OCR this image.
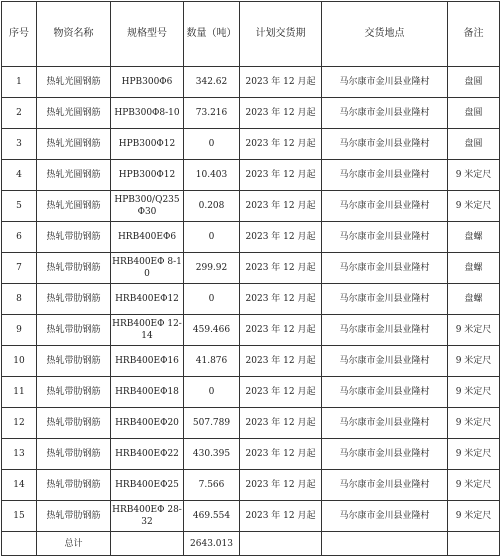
序号	物资名称	规格型号	数量（吨）	计划交货期	交货地点	备注
1	热轧光圆钢筋	HPB300Φ6	342.62	2023 年 12 月起	马尔康市金川县业隆村	盘圆
2	热轧光圆钢筋	HPB300Φ8-10	73.216	2023 年 12 月起	马尔康市金川县业隆村	盘圆
3	热轧光圆钢筋	HPB300Φ12	0	2023 年 12 月起	马尔康市金川县业隆村	盘圆
4	热轧光圆钢筋	HPB300Φ12	10.403	2023 年 12 月起	马尔康市金川县业隆村	9 米定尺
5	热轧光圆钢筋	HPB300/Q235 Φ30	0.208	2023 年 12 月起	马尔康市金川县业隆村	9 米定尺
6	热轧带肋钢筋	HRB400EΦ6	0	2023 年 12 月起	马尔康市金川县业隆村	盘螺
7	热轧带肋钢筋	HRB400EΦ 8-10	299.92	2023 年 12 月起	马尔康市金川县业隆村	盘螺
8	热轧带肋钢筋	HRB400EΦ12	0	2023 年 12 月起	马尔康市金川县业隆村	盘螺
9	热轧带肋钢筋	HRB400EΦ 12-14	459.466	2023 年 12 月起	马尔康市金川县业隆村	9 米定尺
10	热轧带肋钢筋	HRB400EΦ16	41.876	2023 年 12 月起	马尔康市金川县业隆村	9 米定尺
11	热轧带肋钢筋	HRB400EΦ18	0	2023 年 12 月起	马尔康市金川县业隆村	9 米定尺
12	热轧带肋钢筋	HRB400EΦ20	507.789	2023 年 12 月起	马尔康市金川县业隆村	9 米定尺
13	热轧带肋钢筋	HRB400EΦ22	430.395	2023 年 12 月起	马尔康市金川县业隆村	9 米定尺
14	热轧带肋钢筋	HRB400EΦ25	7.566	2023 年 12 月起	马尔康市金川县业隆村	9 米定尺
15	热轧带肋钢筋	HRB400EΦ 28-32	469.554	2023 年 12 月起	马尔康市金川县业隆村	9 米定尺
	总计		2643.013			
